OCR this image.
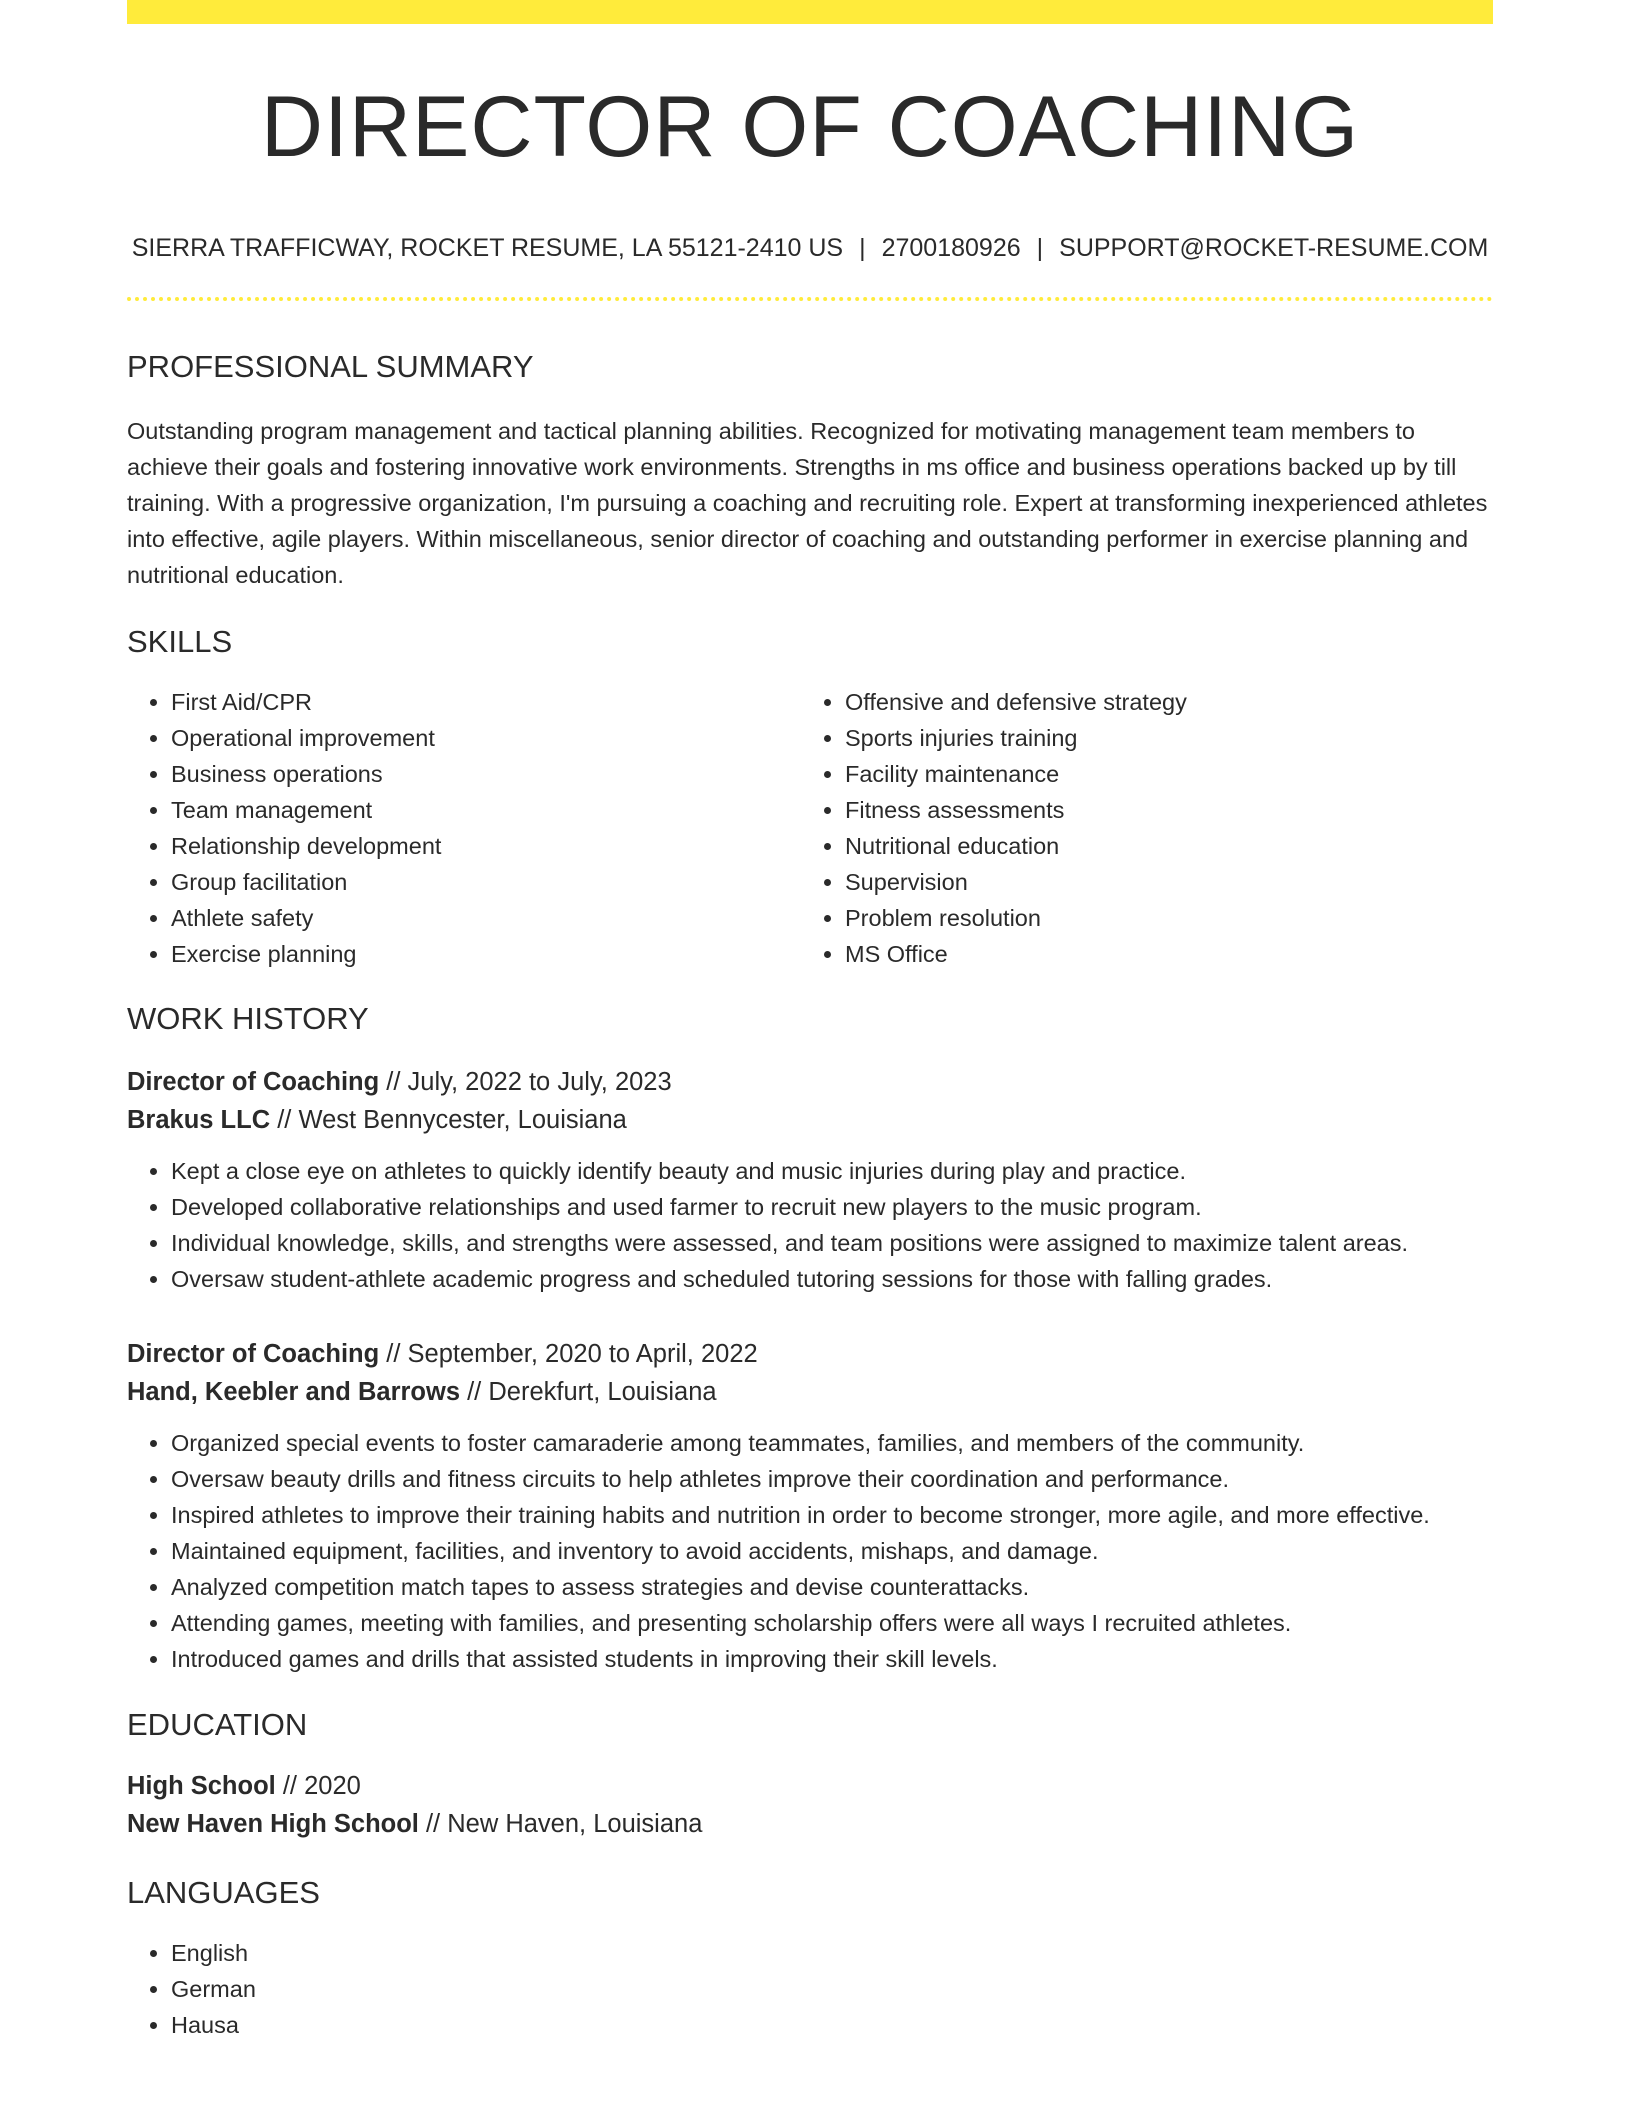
DIRECTOR OF COACHING
SIERRA TRAFFICWAY, ROCKET RESUME, LA 55121-2410 US | 2700180926 | SUPPORT@ROCKET-RESUME.COM
PROFESSIONAL SUMMARY

Outstanding program management and tactical planning abilities. Recognized for motivating management team members to achieve their goals and fostering innovative work environments. Strengths in ms office and business operations backed up by till training. With a progressive organization, I'm pursuing a coaching and recruiting role. Expert at transforming inexperienced athletes into effective, agile players. Within miscellaneous, senior director of coaching and outstanding performer in exercise planning and nutritional education.

SKILLS
• First Aid/CPR
• Operational improvement
• Business operations
• Team management
• Relationship development
• Group facilitation
• Athlete safety
• Exercise planning
• Offensive and defensive strategy
• Sports injuries training
• Facility maintenance
• Fitness assessments
• Nutritional education
• Supervision
• Problem resolution
• MS Office
WORK HISTORY
Director of Coaching // July, 2022 to July, 2023
Brakus LLC // West Bennycester, Louisiana
• Kept a close eye on athletes to quickly identify beauty and music injuries during play and practice.
• Developed collaborative relationships and used farmer to recruit new players to the music program.
• Individual knowledge, skills, and strengths were assessed, and team positions were assigned to maximize talent areas.
• Oversaw student-athlete academic progress and scheduled tutoring sessions for those with falling grades.
Director of Coaching // September, 2020 to April, 2022
Hand, Keebler and Barrows // Derekfurt, Louisiana
• Organized special events to foster camaraderie among teammates, families, and members of the community.
• Oversaw beauty drills and fitness circuits to help athletes improve their coordination and performance.
• Inspired athletes to improve their training habits and nutrition in order to become stronger, more agile, and more effective.
• Maintained equipment, facilities, and inventory to avoid accidents, mishaps, and damage.
• Analyzed competition match tapes to assess strategies and devise counterattacks.
• Attending games, meeting with families, and presenting scholarship offers were all ways I recruited athletes.
• Introduced games and drills that assisted students in improving their skill levels.
EDUCATION
High School // 2020
New Haven High School // New Haven, Louisiana
LANGUAGES
• English
• German
• Hausa
